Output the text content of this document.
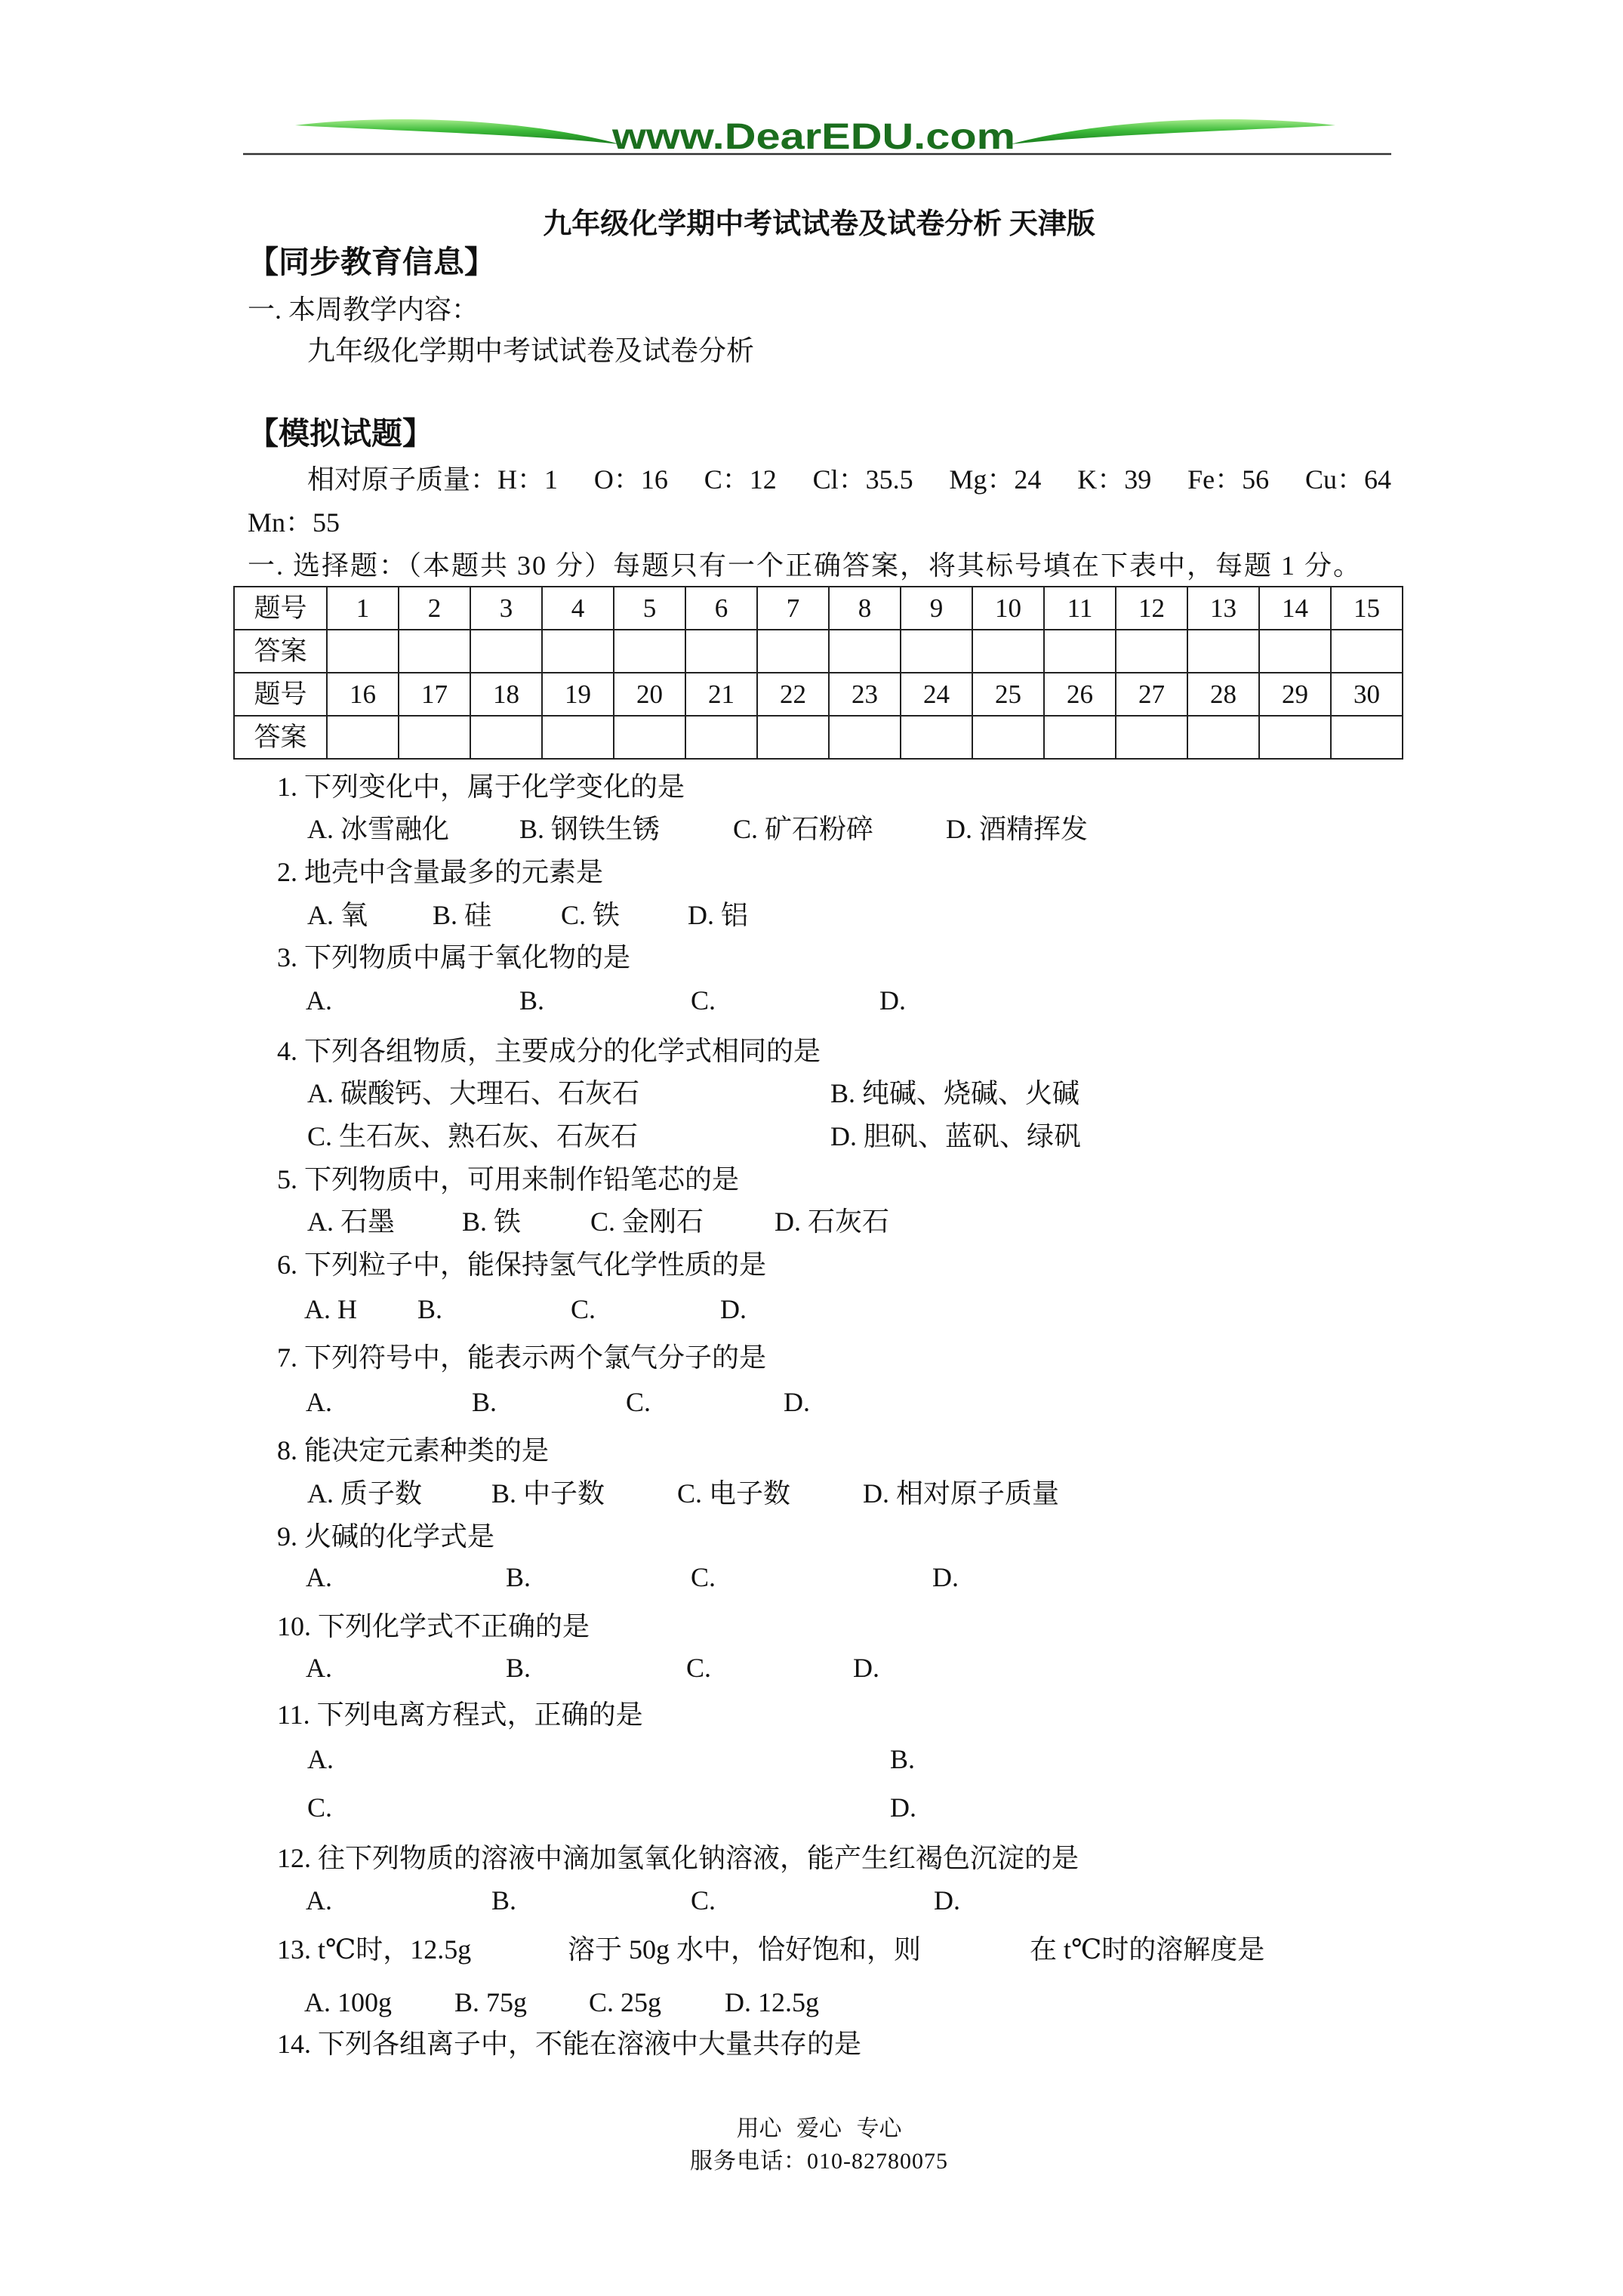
www.DearEDU.com
九年级化学期中考试试卷及试卷分析 天津版
【同步教育信息】
一. 本周教学内容：
九年级化学期中考试试卷及试卷分析
【模拟试题】
相对原子质量：H：1 O：16 C：12 Cl：35.5 Mg：24 K：39 Fe：56 Cu：64
Mn：55
一. 选择题：（本题共 30 分）每题只有一个正确答案，将其标号填在下表中，每题 1 分。
题号	1	2	3	4	5	6	7	8	9	10	11	12	13	14	15
答案															
题号	16	17	18	19	20	21	22	23	24	25	26	27	28	29	30
答案															
1. 下列变化中，属于化学变化的是
A. 冰雪融化	B. 钢铁生锈	C. 矿石粉碎	D. 酒精挥发
2. 地壳中含量最多的元素是
A. 氧 B. 硅	C. 铁 D. 铝
3. 下列物质中属于氧化物的是
A.	B.	C.	D.
4. 下列各组物质，主要成分的化学式相同的是
A. 碳酸钙、大理石、石灰石	B. 纯碱、烧碱、火碱
C. 生石灰、熟石灰、石灰石	D. 胆矾、蓝矾、绿矾
5. 下列物质中，可用来制作铅笔芯的是
A. 石墨 B. 铁	C. 金刚石	D. 石灰石
6. 下列粒子中，能保持氢气化学性质的是
A. H B.	C.	D.
7. 下列符号中，能表示两个氯气分子的是
A.	B.	C.	D.
8. 能决定元素种类的是
A. 质子数	B. 中子数	C. 电子数	D. 相对原子质量
9. 火碱的化学式是
A.	B.	C.	D.
10. 下列化学式不正确的是
A.	B.	C.	D.
11. 下列电离方程式，正确的是
A.	B.
C.	D.
12. 往下列物质的溶液中滴加氢氧化钠溶液，能产生红褐色沉淀的是
A.	B.	C.	D.
13. t℃时，12.5g	溶于 50g 水中，恰好饱和，则	在 t℃时的溶解度是
A. 100g B. 75g C. 25g D. 12.5g
14. 下列各组离子中，不能在溶液中大量共存的是
用心 爱心 专心
服务电话：010-82780075
